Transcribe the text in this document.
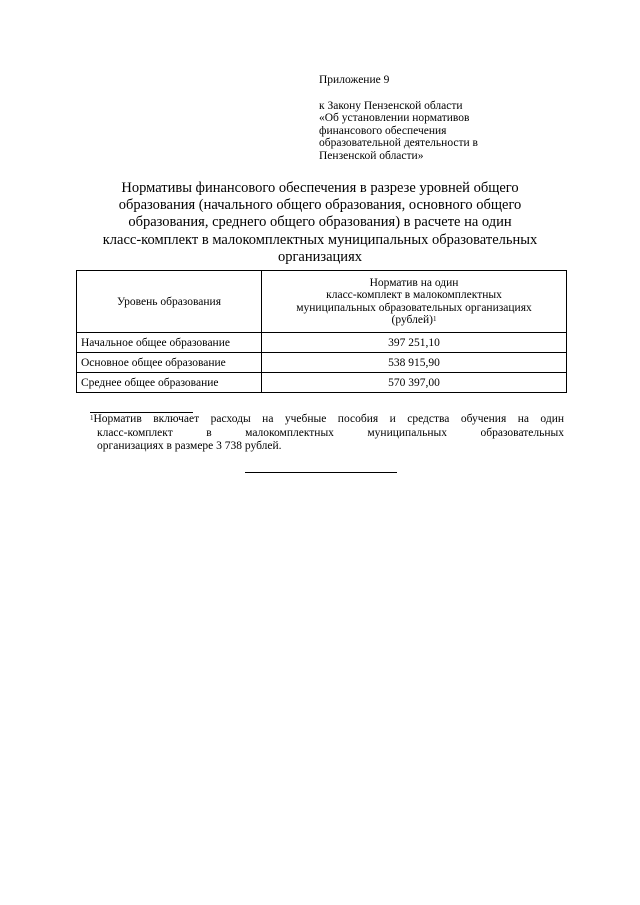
Приложение 9
к Закону Пензенской области
«Об установлении нормативов
финансового обеспечения
образовательной деятельности в
Пензенской области»
Нормативы финансового обеспечения в разрезе уровней общего
образования (начального общего образования, основного общего
образования, среднего общего образования) в расчете на один
класс-комплект в малокомплектных муниципальных образовательных
организациях
Уровень образования	Норматив на один
класс-комплект в малокомплектных
муниципальных образовательных организациях
(рублей)$^1$

Начальное общее образование	397 251,10
Основное общее образование	538 915,90
Среднее общее образование	570 397,00
$^1$Норматив включает расходы на учебные пособия и средства обучения на один
класс-комплект в малокомплектных муниципальных образовательных
организациях в размере 3 738 рублей.
